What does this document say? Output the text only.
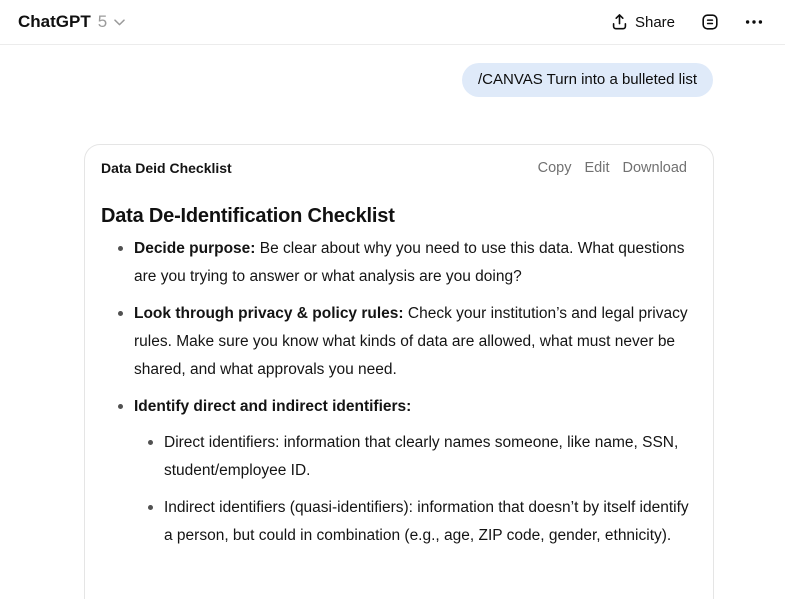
ChatGPT 5	Share
/CANVAS Turn into a bulleted list
Data Deid Checklist	Copy Edit Download
Data De-Identification Checklist
Decide purpose: Be clear about why you need to use this data. What questions are you trying to answer or what analysis are you doing?
Look through privacy & policy rules: Check your institution’s and legal privacy rules. Make sure you know what kinds of data are allowed, what must never be shared, and what approvals you need.
Identify direct and indirect identifiers:
Direct identifiers: information that clearly names someone, like name, SSN, student/employee ID.
Indirect identifiers (quasi-identifiers): information that doesn’t by itself identify a person, but could in combination (e.g., age, ZIP code, gender, ethnicity).
